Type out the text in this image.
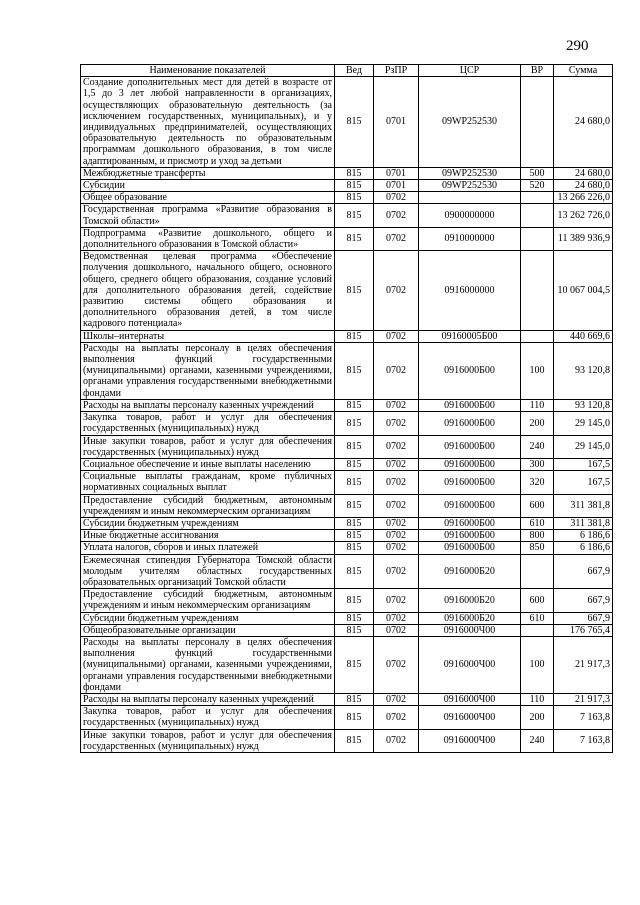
290
Наименование показателей	Вед	РзПР	ЦСР	ВР	Сумма
Создание дополнительных мест для детей в возрасте от 1,5 до 3 лет любой направленности в организациях, осуществляющих образовательную деятельность (за исключением государственных, муниципальных), и у индивидуальных предпринимателей, осуществляющих образовательную деятельность по образовательным программам дошкольного образования, в том числе адаптированным, и присмотр и уход за детьми	815	0701	09WP252530		24 680,0
Межбюджетные трансферты	815	0701	09WP252530	500	24 680,0
Субсидии	815	0701	09WP252530	520	24 680,0
Общее образование	815	0702			13 266 226,0
Государственная программа «Развитие образования в Томской области»	815	0702	0900000000		13 262 726,0
Подпрограмма «Развитие дошкольного, общего и дополнительного образования в Томской области»	815	0702	0910000000		11 389 936,9
Ведомственная целевая программа «Обеспечение получения дошкольного, начального общего, основного общего, среднего общего образования, создание условий для дополнительного образования детей, содействие развитию системы общего образования и дополнительного образования детей, в том числе кадрового потенциала»	815	0702	0916000000		10 067 004,5
Школы–интернаты	815	0702	09160005Б00		440 669,6
Расходы на выплаты персоналу в целях обеспечения выполнения функций государственными (муниципальными) органами, казенными учреждениями, органами управления государственными внебюджетными фондами	815	0702	0916000Б00	100	93 120,8
Расходы на выплаты персоналу казенных учреждений	815	0702	0916000Б00	110	93 120,8
Закупка товаров, работ и услуг для обеспечения государственных (муниципальных) нужд	815	0702	0916000Б00	200	29 145,0
Иные закупки товаров, работ и услуг для обеспечения государственных (муниципальных) нужд	815	0702	0916000Б00	240	29 145,0
Социальное обеспечение и иные выплаты населению	815	0702	0916000Б00	300	167,5
Социальные выплаты гражданам, кроме публичных нормативных социальных выплат	815	0702	0916000Б00	320	167,5
Предоставление субсидий бюджетным, автономным учреждениям и иным некоммерческим организациям	815	0702	0916000Б00	600	311 381,8
Субсидии бюджетным учреждениям	815	0702	0916000Б00	610	311 381,8
Иные бюджетные ассигнования	815	0702	0916000Б00	800	6 186,6
Уплата налогов, сборов и иных платежей	815	0702	0916000Б00	850	6 186,6
Ежемесячная стипендия Губернатора Томской области молодым учителям областных государственных образовательных организаций Томской области	815	0702	0916000Б20		667,9
Предоставление субсидий бюджетным, автономным учреждениям и иным некоммерческим организациям	815	0702	0916000Б20	600	667,9
Субсидии бюджетным учреждениям	815	0702	0916000Б20	610	667,9
Общеобразовательные организации	815	0702	0916000Ч00		176 765,4
Расходы на выплаты персоналу в целях обеспечения выполнения функций государственными (муниципальными) органами, казенными учреждениями, органами управления государственными внебюджетными фондами	815	0702	0916000Ч00	100	21 917,3
Расходы на выплаты персоналу казенных учреждений	815	0702	0916000Ч00	110	21 917,3
Закупка товаров, работ и услуг для обеспечения государственных (муниципальных) нужд	815	0702	0916000Ч00	200	7 163,8
Иные закупки товаров, работ и услуг для обеспечения государственных (муниципальных) нужд	815	0702	0916000Ч00	240	7 163,8
